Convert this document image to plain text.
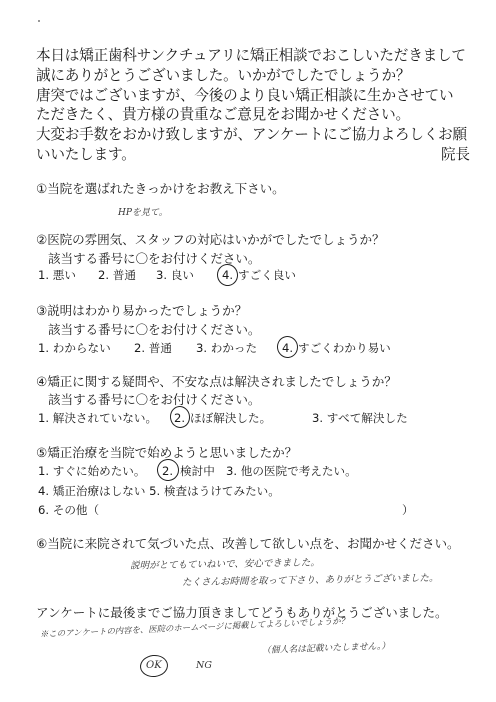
本日は矯正歯科サンクチュアリに矯正相談でおこしいただきまして
誠にありがとうございました。いかがでしたでしょうか？
唐突ではございますが、今後のより良い矯正相談に生かさせてい
ただきたく、貴方様の貴重なご意見をお聞かせください。
大変お手数をおかけ致しますが、アンケートにご協力よろしくお願
いいたします。	院長
①当院を選ばれたきっかけをお教え下さい。
HPを見て。
②医院の雰囲気、スタッフの対応はいかがでしたでしょうか？
該当する番号に〇をお付けください。
1. 悪い 2. 普通 3. 良い 4. すごく良い
③説明はわかり易かったでしょうか？
該当する番号に〇をお付けください。
1. わからない 2. 普通 3. わかった 4. すごくわかり易い
④矯正に関する疑問や、不安な点は解決されましたでしょうか？
該当する番号に〇をお付けください。
1. 解決されていない。 2. ほぼ解決した。	3. すべて解決した
⑤矯正治療を当院で始めようと思いましたか？
1. すぐに始めたい。 2. 検討中 3. 他の医院で考えたい。
4. 矯正治療はしない 5. 検査はうけてみたい。
6. その他（	）
⑥当院に来院されて気づいた点、改善して欲しい点を、お聞かせください。
説明がとてもていねいで、安心できました。
たくさんお時間を取って下さり、ありがとうございました。
アンケートに最後までご協力頂きましてどうもありがとうございました。
※このアンケートの内容を、医院のホームページに掲載してよろしいでしょうか？
（個人名は記載いたしません。）
OK	NG
